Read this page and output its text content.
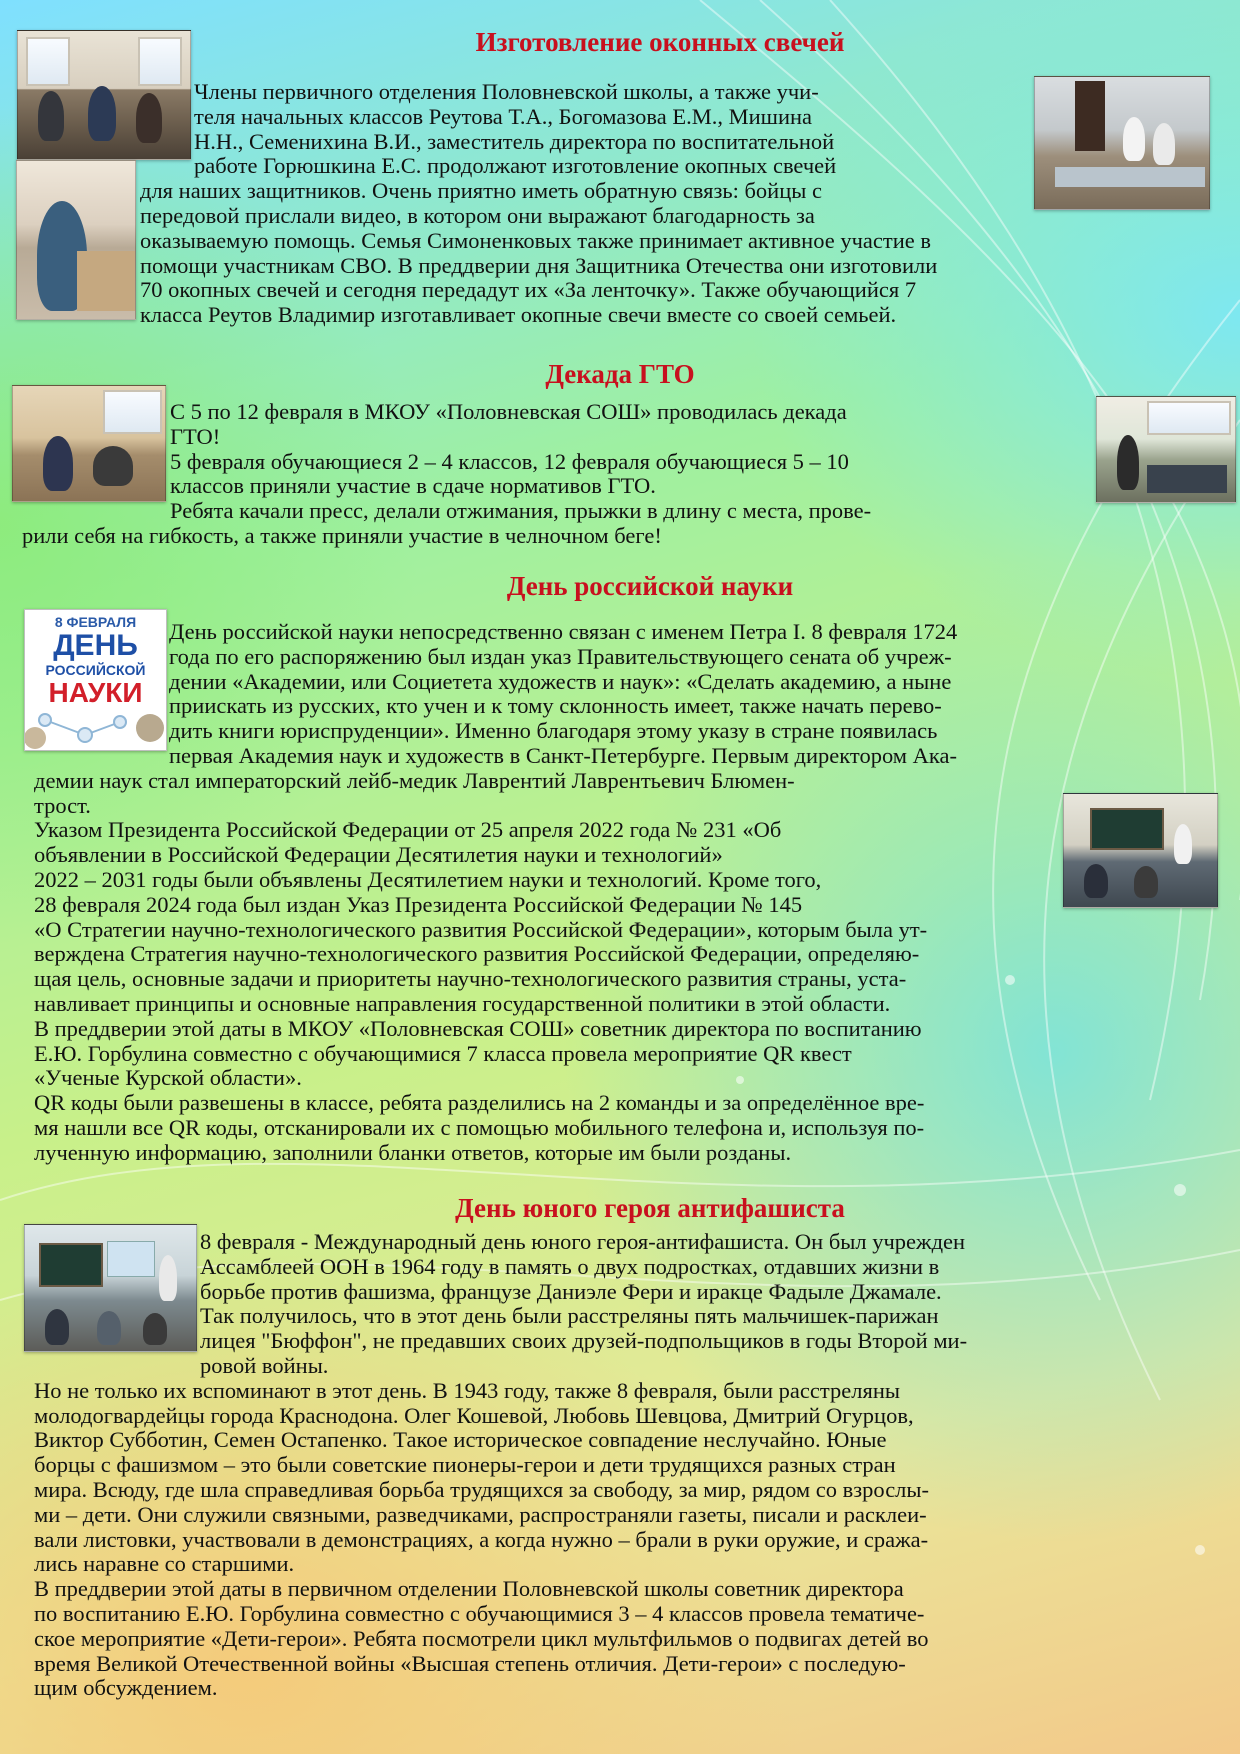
Изготовление оконных свечей

Члены первичного отделения Половневской школы, а также учи-

теля начальных классов Реутова Т.А., Богомазова Е.М., Мишина

Н.Н., Семенихина В.И., заместитель директора по воспитательной

работе Горюшкина Е.С. продолжают изготовление окопных свечей

для наших защитников. Очень приятно иметь обратную связь: бойцы с

передовой прислали видео, в котором они выражают благодарность за

оказываемую помощь. Семья Симоненковых также принимает активное участие в

помощи участникам СВО. В преддверии дня Защитника Отечества они изготовили

70 окопных свечей и сегодня передадут их «За ленточку». Также обучающийся 7

класса Реутов Владимир изготавливает окопные свечи вместе со своей семьей.

Декада ГТО

С 5 по 12 февраля в МКОУ «Половневская СОШ» проводилась декада

ГТО!

5 февраля обучающиеся 2 – 4 классов, 12 февраля обучающиеся 5 – 10

классов приняли участие в сдаче нормативов ГТО.

Ребята качали пресс, делали отжимания, прыжки в длину с места, прове-

рили себя на гибкость, а также приняли участие в челночном беге!

День российской науки
8 ФЕВРАЛЯ
ДЕНЬ
РОССИЙСКОЙ
НАУКИ

День российской науки непосредственно связан с именем Петра I. 8 февраля 1724

года по его распоряжению был издан указ Правительствующего сената об учреж-

дении «Академии, или Социетета художеств и наук»: «Сделать академию, а ныне

приискать из русских, кто учен и к тому склонность имеет, также начать перево-

дить книги юриспруденции». Именно благодаря этому указу в стране появилась

первая Академия наук и художеств в Санкт-Петербурге. Первым директором Ака-

демии наук стал императорский лейб-медик Лаврентий Лаврентьевич Блюмен-

трост.

Указом Президента Российской Федерации от 25 апреля 2022 года № 231 «Об

объявлении в Российской Федерации Десятилетия науки и технологий»

2022 – 2031 годы были объявлены Десятилетием науки и технологий. Кроме того,

28 февраля 2024 года был издан Указ Президента Российской Федерации № 145

«О Стратегии научно-технологического развития Российской Федерации», которым была ут-

верждена Стратегия научно-технологического развития Российской Федерации, определяю-

щая цель, основные задачи и приоритеты научно-технологического развития страны, уста-

навливает принципы и основные направления государственной политики в этой области.

В преддверии этой даты в МКОУ «Половневская СОШ» советник директора по воспитанию

Е.Ю. Горбулина совместно с обучающимися 7 класса провела мероприятие QR квест

«Ученые Курской области».

QR коды были развешены в классе, ребята разделились на 2 команды и за определённое вре-

мя нашли все QR коды, отсканировали их с помощью мобильного телефона и, используя по-

лученную информацию, заполнили бланки ответов, которые им были розданы.

День юного героя антифашиста

8 февраля - Международный день юного героя-антифашиста. Он был учрежден

Ассамблеей ООН в 1964 году в память о двух подростках, отдавших жизни в

борьбе против фашизма, французе Даниэле Фери и иракце Фадыле Джамале.

Так получилось, что в этот день были расстреляны пять мальчишек-парижан

лицея "Бюффон", не предавших своих друзей-подпольщиков в годы Второй ми-

ровой войны.

Но не только их вспоминают в этот день. В 1943 году, также 8 февраля, были расстреляны

молодогвардейцы города Краснодона. Олег Кошевой, Любовь Шевцова, Дмитрий Огурцов,

Виктор Субботин, Семен Остапенко. Такое историческое совпадение неслучайно. Юные

борцы с фашизмом – это были советские пионеры-герои и дети трудящихся разных стран

мира. Всюду, где шла справедливая борьба трудящихся за свободу, за мир, рядом со взрослы-

ми – дети. Они служили связными, разведчиками, распространяли газеты, писали и расклеи-

вали листовки, участвовали в демонстрациях, а когда нужно – брали в руки оружие, и сража-

лись наравне со старшими.

В преддверии этой даты в первичном отделении Половневской школы советник директора

по воспитанию Е.Ю. Горбулина совместно с обучающимися 3 – 4 классов провела тематиче-

ское мероприятие «Дети-герои». Ребята посмотрели цикл мультфильмов о подвигах детей во

время Великой Отечественной войны «Высшая степень отличия. Дети-герои» с последую-

щим обсуждением.
